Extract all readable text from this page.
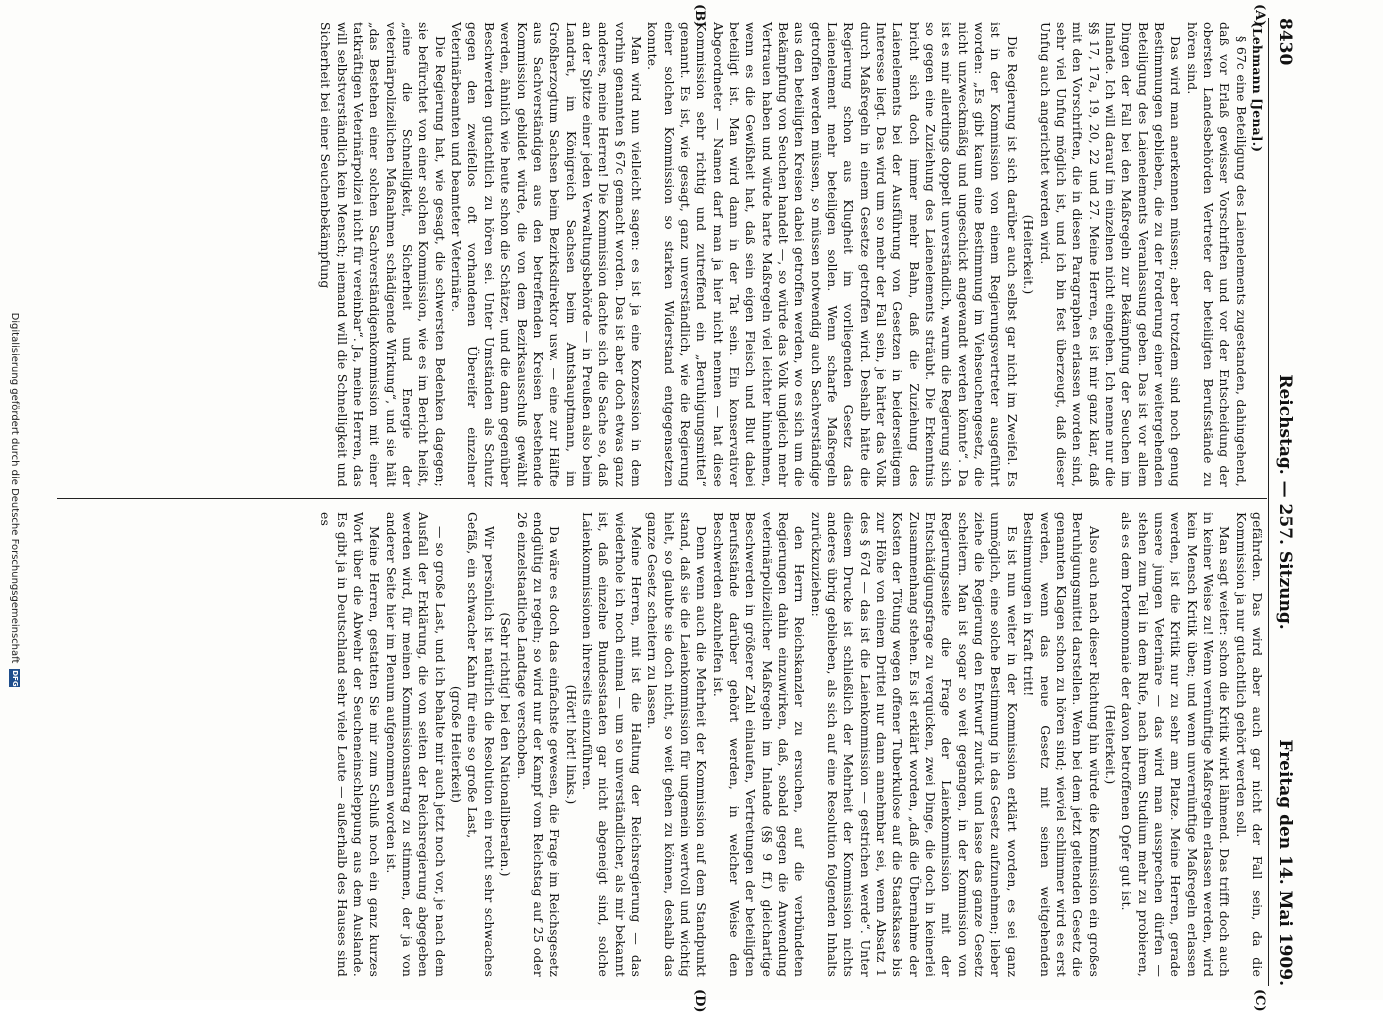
8430
Reichstag. — 257. Sitzung.
Freitag den 14. Mai 1909.
(A)
(B)
(C)
(D)

(Lehmann [Jena].)

§ 67c eine Beteiligung des Laienelements zugestanden, dahingehend, daß vor Erlaß gewisser Vorschriften und vor der Entscheidung der obersten Landesbehörden Vertreter der beteiligten Berufsstände zu hören sind.

Das wird man anerkennen müssen; aber trotzdem sind noch genug Bestimmungen geblieben, die zu der Forderung einer weitergehenden Beteiligung des Laienelements Veranlassung geben. Das ist vor allem Dingen der Fall bei den Maßregeln zur Bekämpfung der Seuchen im Inlande. Ich will darauf im einzelnen nicht eingehen. Ich nenne nur die §§ 17, 17a, 19, 20, 22 und 27. Meine Herren, es ist mir ganz klar, daß mit den Vorschriften, die in diesen Paragraphen erlassen worden sind, sehr viel Unfug möglich ist, und ich bin fest überzeugt, daß dieser Unfug auch angerichtet werden wird.

(Heiterkeit.)

Die Regierung ist sich darüber auch selbst gar nicht im Zweifel. Es ist in der Kommission von einem Regierungsvertreter ausgeführt worden: „Es gibt kaum eine Bestimmung im Viehseuchengesetz, die nicht unzweckmäßig und ungeschickt angewandt werden könnte“. Da ist es mir allerdings doppelt unverständlich, warum die Regierung sich so gegen eine Zuziehung des Laienelements sträubt. Die Erkenntnis bricht sich doch immer mehr Bahn, daß die Zuziehung des Laienelements bei der Ausführung von Gesetzen in beiderseitigem Interesse liegt. Das wird um so mehr der Fall sein, je härter das Volk durch Maßregeln in einem Gesetze getroffen wird. Deshalb hätte die Regierung schon aus Klugheit im vorliegenden Gesetz das Laienelement mehr beteiligen sollen. Wenn scharfe Maßregeln getroffen werden müssen, so müssen notwendig auch Sachverständige aus den beteiligten Kreisen dabei getroffen werden, wo es sich um die Bekämpfung von Seuchen handelt —, so würde das Volk ungleich mehr Vertrauen haben und würde harte Maßregeln viel leichter hinnehmen, wenn es die Gewißheit hat, daß sein eigen Fleisch und Blut dabei beteiligt ist. Man wird dann in der Tat sein. Ein konservativer Abgeordneter — Namen darf man ja hier nicht nennen — hat diese Kommission sehr richtig und zutreffend ein „Beruhigungsmittel“ genannt. Es ist, wie gesagt, ganz unverständlich, wie die Regierung einer solchen Kommission so starken Widerstand entgegensetzen konnte.

Man wird nun vielleicht sagen: es ist ja eine Konzession in dem vorhin genannten § 67c gemacht worden. Das ist aber doch etwas ganz anderes, meine Herren! Die Kommission dachte sich die Sache so, daß an der Spitze einer jeden Verwaltungsbehörde — in Preußen also beim Landrat, im Königreich Sachsen beim Amtshauptmann, im Großherzogtum Sachsen beim Bezirksdirektor usw. — eine zur Hälfte aus Sachverständigen aus den betreffenden Kreisen bestehende Kommission gebildet würde, die von dem Bezirksausschuß gewählt werden, ähnlich wie heute schon die Schätzer, und die dann gegenüber Beschwerden gutachtlich zu hören sei. Unter Umständen als Schutz gegen den zweifellos oft vorhandenen Übereifer einzelner Veterinärbeamten und beamteter Veterinäre.

Die Regierung hat, wie gesagt, die schwersten Bedenken dagegen; sie befürchtet von einer solchen Kommission, wie es im Bericht heißt, „eine die Schnelligkeit, Sicherheit und Energie der veterinärpolizeilichen Maßnahmen schädigende Wirkung“, und sie hält „das Bestehen einer solchen Sachverständigenkommission mit einer tatkräftigen Veterinärpolizei nicht für vereinbar“. Ja, meine Herren, das will selbstverständlich kein Mensch; niemand will die Schnelligkeit und Sicherheit bei einer Seuchenbekämpfung

gefährden. Das wird aber auch gar nicht der Fall sein, da die Kommission ja nur gutachtlich gehört werden soll.

Man sagt weiter: schon die Kritik wirkt lähmend. Das trifft doch auch in keiner Weise zu! Wenn vernünftige Maßregeln erlassen werden, wird kein Mensch Kritik üben; und wenn unvernünftige Maßregeln erlassen werden, ist die Kritik nur zu sehr am Platze. Meine Herren, gerade unsere jungen Veterinäre — das wird man aussprechen dürfen — stehen zum Teil in dem Rufe, nach ihrem Studium mehr zu probieren, als es dem Portemonnaie der davon betroffenen Opfer gut ist.

(Heiterkeit.)

Also auch nach dieser Richtung hin würde die Kommission ein großes Beruhigungsmittel darstellen. Wenn bei dem jetzt geltenden Gesetz die genannten Klagen schon zu hören sind; wieviel schlimmer wird es erst werden, wenn das neue Gesetz mit seinen weitgehenden Bestimmungen in Kraft tritt!

Es ist nun weiter in der Kommission erklärt worden, es sei ganz unmöglich, eine solche Bestimmung in das Gesetz aufzunehmen; lieber ziehe die Regierung den Entwurf zurück und lasse das ganze Gesetz scheitern. Man ist sogar so weit gegangen, in der Kommission von Regierungsseite die Frage der Laienkommission mit der Entschädigungsfrage zu verquicken, zwei Dinge, die doch in keinerlei Zusammenhang stehen. Es ist erklärt worden, „daß die Übernahme der Kosten der Tötung wegen offener Tuberkulose auf die Staatskasse bis zur Höhe von einem Drittel nur dann annehmbar sei, wenn Absatz 1 des § 67d — das ist die Laienkommission — gestrichen werde“. Unter diesem Drucke ist schließlich der Mehrheit der Kommission nichts anderes übrig geblieben, als sich auf eine Resolution folgenden Inhalts zurückzuziehen:

den Herrn Reichskanzler zu ersuchen, auf die verbündeten Regierungen dahin einzuwirken, daß, sobald gegen die Anwendung veterinärpolizeilicher Maßregeln im Inlande (§§ 9 ff.) gleichartige Beschwerden in größerer Zahl einlaufen, Vertretungen der beteiligten Berufsstände darüber gehört werden, in welcher Weise den Beschwerden abzuhelfen ist.

Denn wenn auch die Mehrheit der Kommission auf dem Standpunkt stand, daß sie die Laienkommission für ungemein wertvoll und wichtig hielt, so glaubte sie doch nicht, so weit gehen zu können, deshalb das ganze Gesetz scheitern zu lassen.

Meine Herren, mit ist die Haltung der Reichsregierung — das wiederhole ich noch einmal — um so unverständlicher, als mir bekannt ist, daß einzelne Bundesstaaten gar nicht abgeneigt sind, solche Laienkommissionen ihrerseits einzuführen.

(Hört! hört! links.)

Da wäre es doch das einfachste gewesen, die Frage im Reichsgesetz endgültig zu regeln; so wird nur der Kampf vom Reichstag auf 25 oder 26 einzelstaatliche Landtage verschoben.

(Sehr richtig! bei den Nationalliberalen.)

Wir persönlich ist natürlich die Resolution ein recht sehr schwaches Gefäß, ein schwacher Kahn für eine so große Last,

(große Heiterkeit)

— so große Last, und ich behalte mir auch jetzt noch vor, je nach dem Ausfall der Erklärung, die von seiten der Reichsregierung abgegeben werden wird, für meinen Kommissionsantrag zu stimmen, der ja von anderer Seite hier im Plenum aufgenommen worden ist.

Meine Herren, gestatten Sie mir zum Schluß noch ein ganz kurzes Wort über die Abwehr der Seucheneinschleppung aus dem Auslande. Es gibt ja in Deutschland sehr viele Leute — außerhalb des Hauses sind es

Digitalisierung gefördert durch die Deutsche Forschungsgemeinschaft
DFG
